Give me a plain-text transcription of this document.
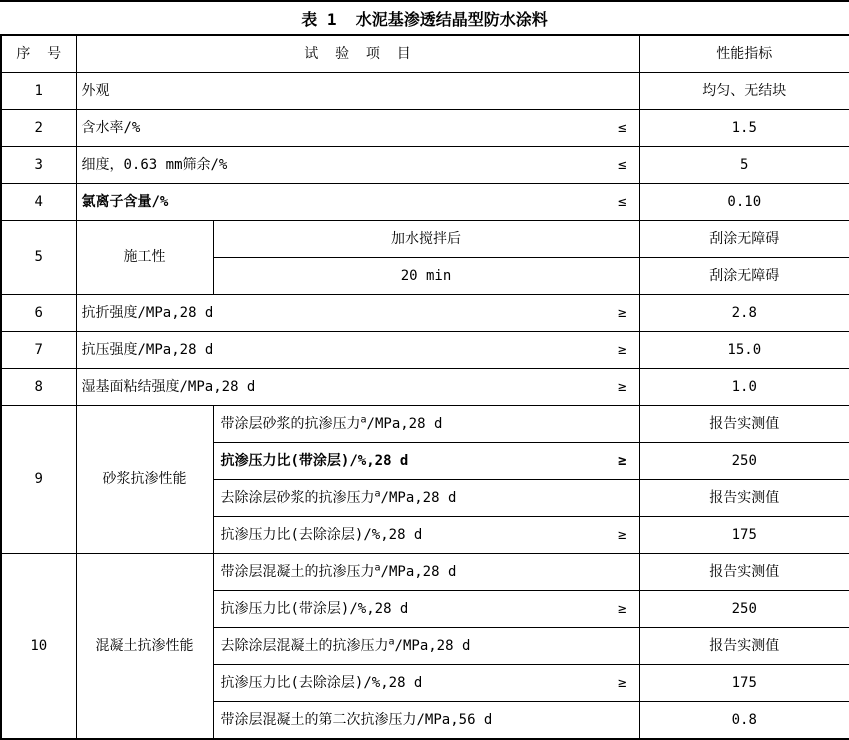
表 1  水泥基渗透结晶型防水涂料
序  号	试  验  项  目		性能指标
1	外观		均匀、无结块
2	含水率/% ≤		1.5
3	细度，0.63 mm筛余/% ≤		5
4	氯离子含量/% ≤		0.10
5	施工性	加水搅拌后	刮涂无障碍

		20 min	刮涂无障碍
6	抗折强度/MPa,28 d ≥		2.8
7	抗压强度/MPa,28 d ≥		15.0
8	湿基面粘结强度/MPa,28 d ≥		1.0
9	砂浆抗渗性能	带涂层砂浆的抗渗压力$^a$/MPa,28 d	报告实测值

		抗渗压力比(带涂层)/%,28 d ≥	250

		去除涂层砂浆的抗渗压力$^a$/MPa,28 d	报告实测值

		抗渗压力比(去除涂层)/%,28 d ≥	175
10	混凝土抗渗性能	带涂层混凝土的抗渗压力$^a$/MPa,28 d	报告实测值

		抗渗压力比(带涂层)/%,28 d ≥	250

		去除涂层混凝土的抗渗压力$^a$/MPa,28 d	报告实测值

		抗渗压力比(去除涂层)/%,28 d ≥	175

		带涂层混凝土的第二次抗渗压力/MPa,56 d	0.8
